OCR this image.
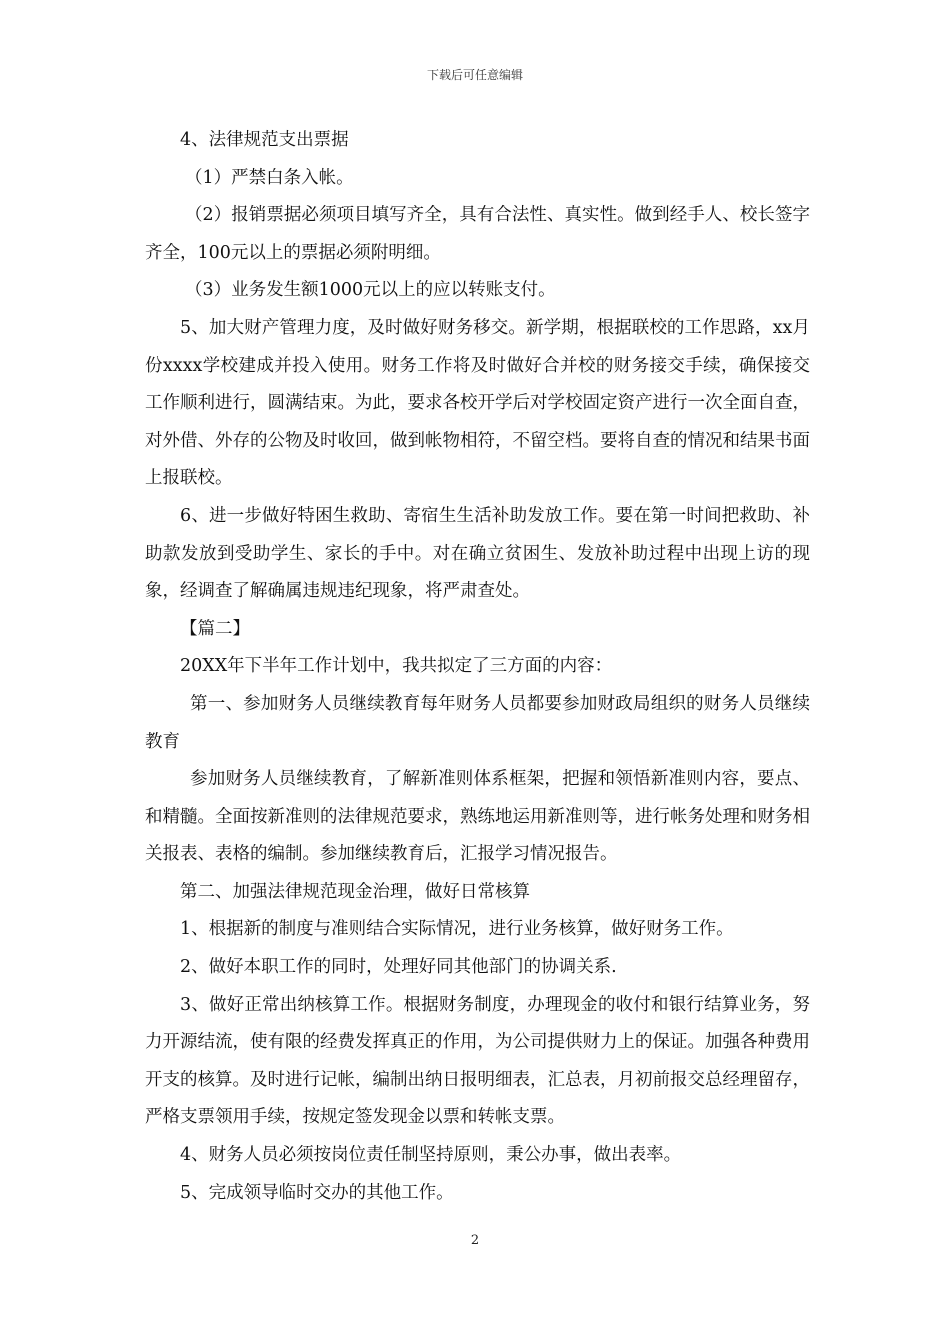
下载后可任意编辑

4、法律规范支出票据

（1）严禁白条入帐。

（2）报销票据必须项目填写齐全，具有合法性、真实性。做到经手人、校长签字齐全，100元以上的票据必须附明细。

（3）业务发生额1000元以上的应以转账支付。

5、加大财产管理力度，及时做好财务移交。新学期，根据联校的工作思路，xx月份xxxx学校建成并投入使用。财务工作将及时做好合并校的财务接交手续，确保接交工作顺利进行，圆满结束。为此，要求各校开学后对学校固定资产进行一次全面自查，对外借、外存的公物及时收回，做到帐物相符，不留空档。要将自查的情况和结果书面上报联校。

6、进一步做好特困生救助、寄宿生生活补助发放工作。要在第一时间把救助、补助款发放到受助学生、家长的手中。对在确立贫困生、发放补助过程中出现上访的现象，经调查了解确属违规违纪现象，将严肃查处。

【篇二】

20XX年下半年工作计划中，我共拟定了三方面的内容：

第一、参加财务人员继续教育每年财务人员都要参加财政局组织的财务人员继续教育

参加财务人员继续教育，了解新准则体系框架，把握和领悟新准则内容，要点、和精髓。全面按新准则的法律规范要求，熟练地运用新准则等，进行帐务处理和财务相关报表、表格的编制。参加继续教育后，汇报学习情况报告。

第二、加强法律规范现金治理，做好日常核算

1、根据新的制度与准则结合实际情况，进行业务核算，做好财务工作。

2、做好本职工作的同时，处理好同其他部门的协调关系.

3、做好正常出纳核算工作。根据财务制度，办理现金的收付和银行结算业务，努力开源结流，使有限的经费发挥真正的作用，为公司提供财力上的保证。加强各种费用开支的核算。及时进行记帐，编制出纳日报明细表，汇总表，月初前报交总经理留存，严格支票领用手续，按规定签发现金以票和转帐支票。

4、财务人员必须按岗位责任制坚持原则，秉公办事，做出表率。

5、完成领导临时交办的其他工作。

2
